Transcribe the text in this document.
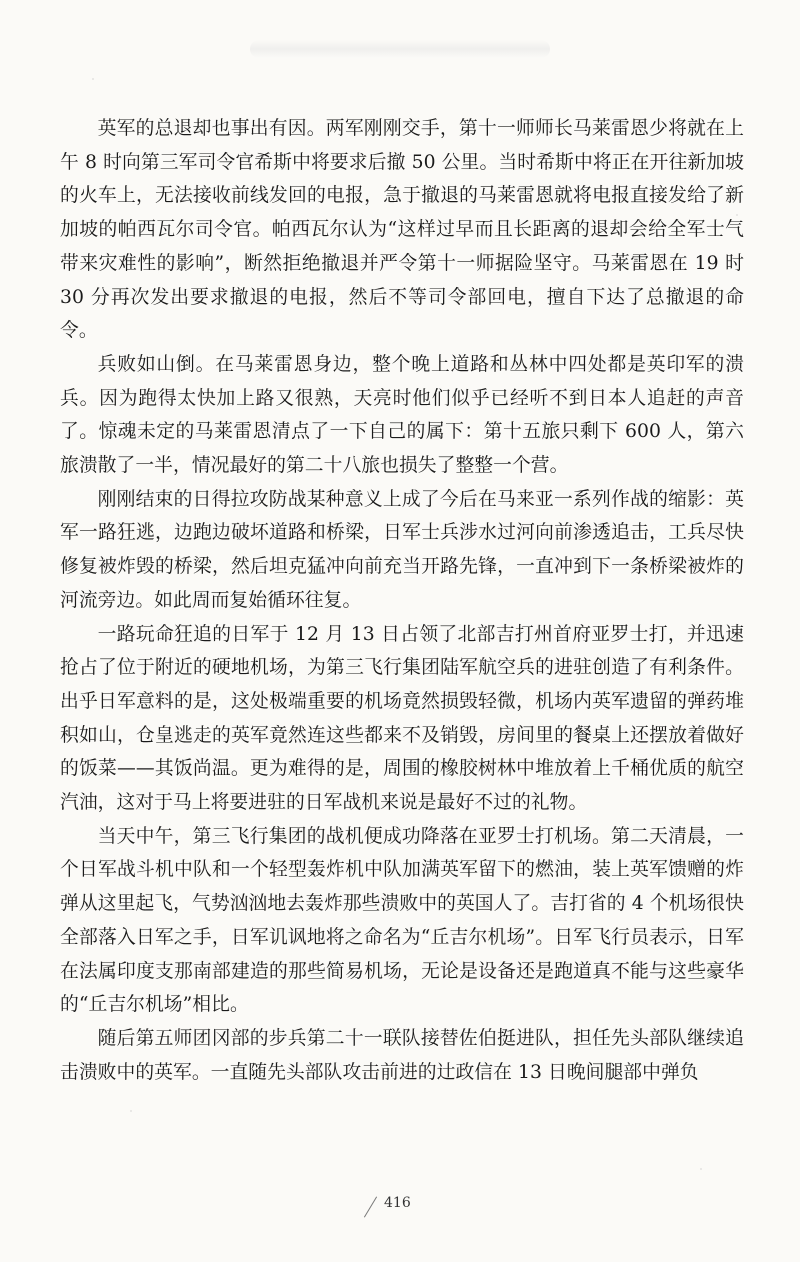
英军的总退却也事出有因。两军刚刚交手，第十一师师长马莱雷恩少将就在上午 8 时向第三军司令官希斯中将要求后撤 50 公里。当时希斯中将正在开往新加坡的火车上，无法接收前线发回的电报，急于撤退的马莱雷恩就将电报直接发给了新加坡的帕西瓦尔司令官。帕西瓦尔认为“这样过早而且长距离的退却会给全军士气带来灾难性的影响”，断然拒绝撤退并严令第十一师据险坚守。马莱雷恩在 19 时 30 分再次发出要求撤退的电报，然后不等司令部回电，擅自下达了总撤退的命令。

兵败如山倒。在马莱雷恩身边，整个晚上道路和丛林中四处都是英印军的溃兵。因为跑得太快加上路又很熟，天亮时他们似乎已经听不到日本人追赶的声音了。惊魂未定的马莱雷恩清点了一下自己的属下：第十五旅只剩下 600 人，第六旅溃散了一半，情况最好的第二十八旅也损失了整整一个营。

刚刚结束的日得拉攻防战某种意义上成了今后在马来亚一系列作战的缩影：英军一路狂逃，边跑边破坏道路和桥梁，日军士兵涉水过河向前渗透追击，工兵尽快修复被炸毁的桥梁，然后坦克猛冲向前充当开路先锋，一直冲到下一条桥梁被炸的河流旁边。如此周而复始循环往复。

一路玩命狂追的日军于 12 月 13 日占领了北部吉打州首府亚罗士打，并迅速抢占了位于附近的硬地机场，为第三飞行集团陆军航空兵的进驻创造了有利条件。出乎日军意料的是，这处极端重要的机场竟然损毁轻微，机场内英军遗留的弹药堆积如山，仓皇逃走的英军竟然连这些都来不及销毁，房间里的餐桌上还摆放着做好的饭菜——其饭尚温。更为难得的是，周围的橡胶树林中堆放着上千桶优质的航空汽油，这对于马上将要进驻的日军战机来说是最好不过的礼物。

当天中午，第三飞行集团的战机便成功降落在亚罗士打机场。第二天清晨，一个日军战斗机中队和一个轻型轰炸机中队加满英军留下的燃油，装上英军馈赠的炸弹从这里起飞，气势汹汹地去轰炸那些溃败中的英国人了。吉打省的 4 个机场很快全部落入日军之手，日军讥讽地将之命名为“丘吉尔机场”。日军飞行员表示，日军在法属印度支那南部建造的那些简易机场，无论是设备还是跑道真不能与这些豪华的“丘吉尔机场”相比。

随后第五师团冈部的步兵第二十一联队接替佐伯挺进队，担任先头部队继续追击溃败中的英军。一直随先头部队攻击前进的辻政信在 13 日晚间腿部中弹负

416
